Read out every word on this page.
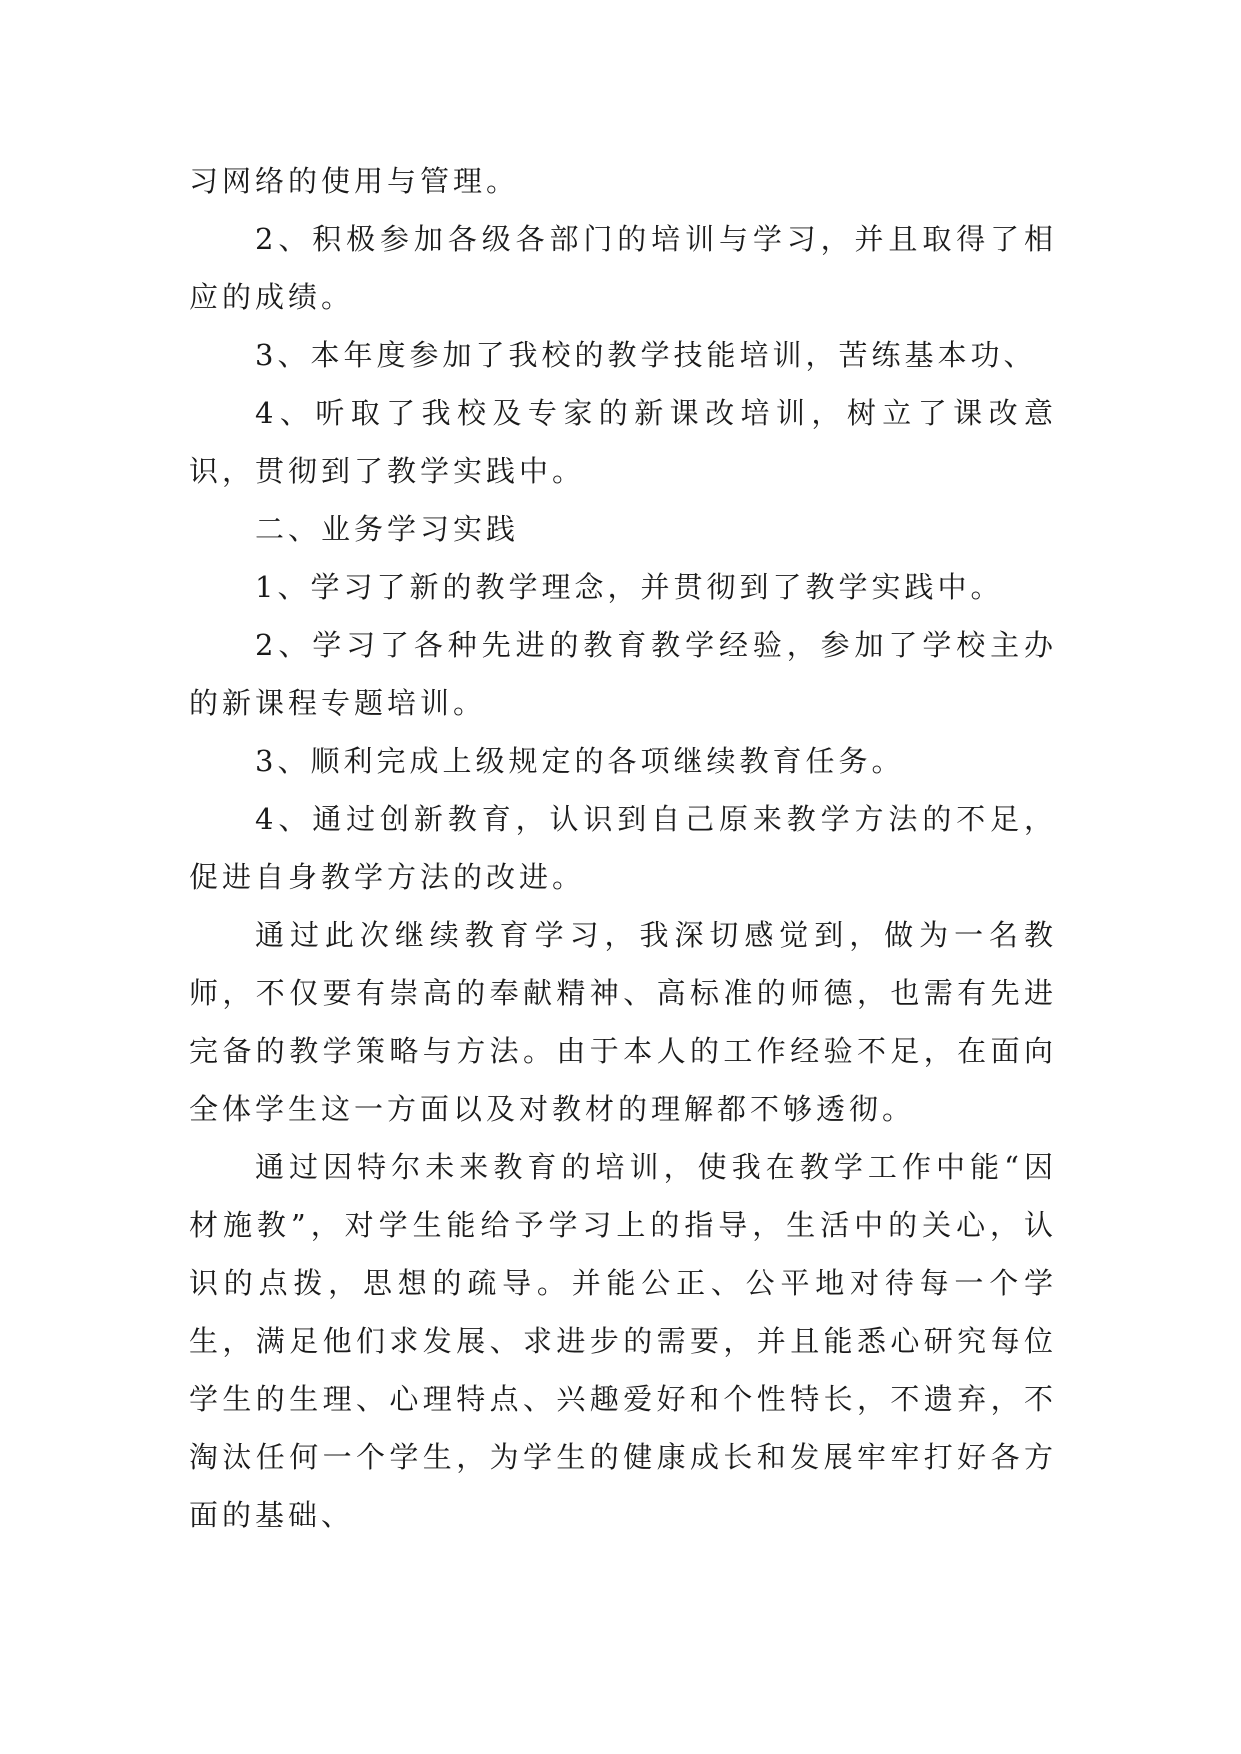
习网络的使用与管理。

2、积极参加各级各部门的培训与学习，并且取得了相应的成绩。

3、本年度参加了我校的教学技能培训，苦练基本功、

4、听取了我校及专家的新课改培训，树立了课改意识，贯彻到了教学实践中。

二、业务学习实践

1、学习了新的教学理念，并贯彻到了教学实践中。

2、学习了各种先进的教育教学经验，参加了学校主办的新课程专题培训。

3、顺利完成上级规定的各项继续教育任务。

4、通过创新教育，认识到自己原来教学方法的不足，促进自身教学方法的改进。

通过此次继续教育学习，我深切感觉到，做为一名教师，不仅要有崇高的奉献精神、高标准的师德，也需有先进完备的教学策略与方法。由于本人的工作经验不足，在面向全体学生这一方面以及对教材的理解都不够透彻。

通过因特尔未来教育的培训，使我在教学工作中能“因材施教”，对学生能给予学习上的指导，生活中的关心，认识的点拨，思想的疏导。并能公正、公平地对待每一个学生，满足他们求发展、求进步的需要，并且能悉心研究每位学生的生理、心理特点、兴趣爱好和个性特长，不遗弃，不淘汰任何一个学生，为学生的健康成长和发展牢牢打好各方面的基础、
